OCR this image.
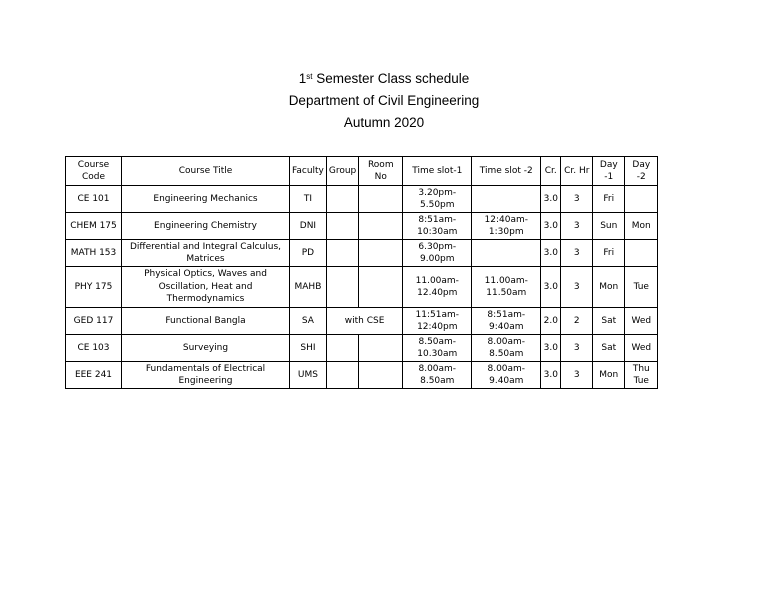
1st Semester Class schedule
Department of Civil Engineering
Autumn 2020
Course Code	Course Title	Faculty	Group	Room No	Time slot-1	Time slot -2	Cr.	Cr. Hr	Day -1	Day -2
CE 101	Engineering Mechanics	TI			3.20pm-5.50pm		3.0	3	Fri	
CHEM 175	Engineering Chemistry	DNI			8:51am-10:30am	12:40am-1:30pm	3.0	3	Sun	Mon
MATH 153	Differential and Integral Calculus, Matrices	PD			6.30pm-9.00pm		3.0	3	Fri	
PHY 175	Physical Optics, Waves and Oscillation, Heat and Thermodynamics	MAHB			11.00am-12.40pm	11.00am-11.50am	3.0	3	Mon	Tue
GED 117	Functional Bangla	SA	with CSE		11:51am-12:40pm	8:51am-9:40am	2.0	2	Sat	Wed
CE 103	Surveying	SHI			8.50am-10.30am	8.00am-8.50am	3.0	3	Sat	Wed
EEE 241	Fundamentals of Electrical Engineering	UMS			8.00am-8.50am	8.00am-9.40am	3.0	3	Mon	Thu Tue
